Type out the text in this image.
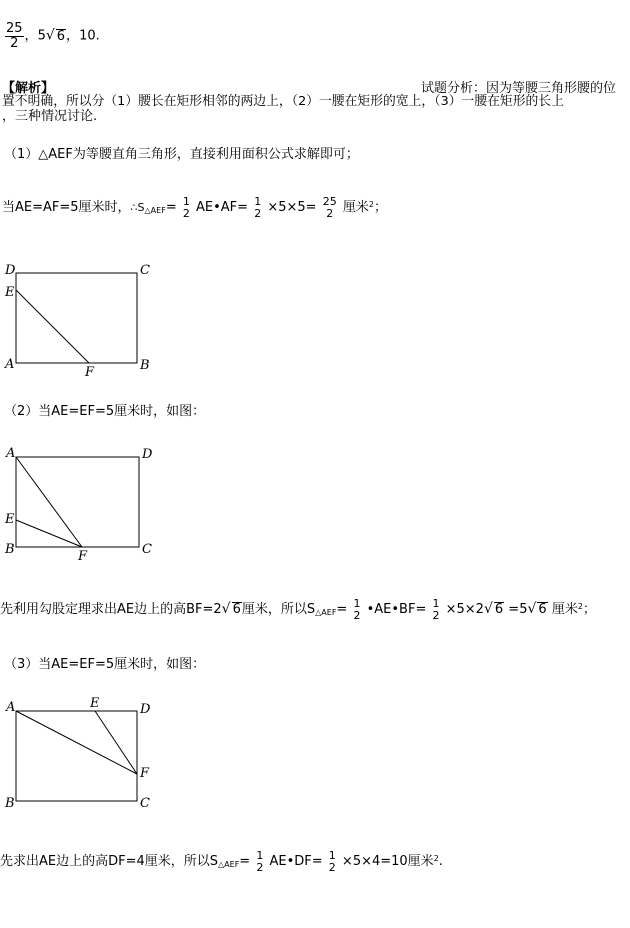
$\frac{25}{2}$ ，5√ 6，10.
【解析】	试题分析：因为等腰三角形腰的位
置不明确，所以分（1）腰长在矩形相邻的两边上，（2）一腰在矩形的宽上，（3）一腰在矩形的长上
，三种情况讨论.
（1）△AEF为等腰直角三角形，直接利用面积公式求解即可；
当AE=AF=5厘米时，$\therefore S_{\triangle AEF}= 1$
2 AE•AF= 1
2 ×5×5= 25
2 厘米$^2$；
D	C
E
A
F	B
（2）当AE=EF=5厘米时，如图：
A	D
E
B	F	C
先利用勾股定理求出AE边上的高BF=2√ 6厘米，所以$S_{\triangle AEF}= 1$
2 •AE•BF= 1
2 ×5×2√ 6 =5√ 6 厘米$^2$；
（3）当AE=EF=5厘米时，如图：
A	E	D
F
B	C
先求出AE边上的高DF=4厘米，所以$S_{\triangle AEF}= 1$
2 AE•DF= 1
2 ×5×4=10厘米$^2$.
